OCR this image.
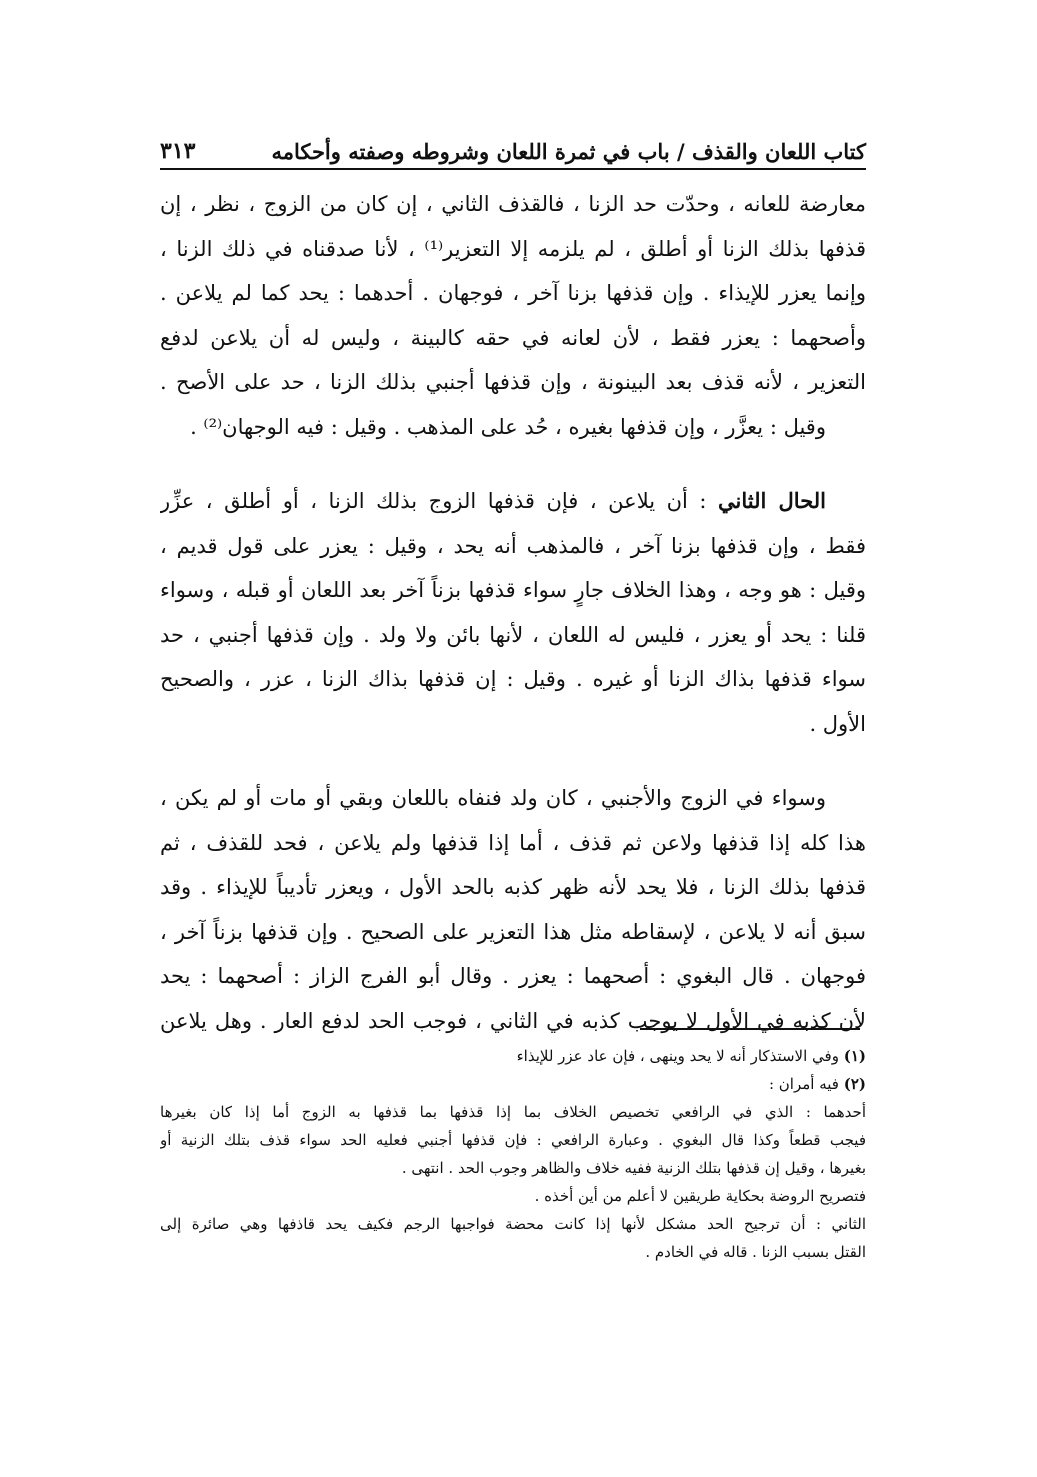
كتاب اللعان والقذف / باب في ثمرة اللعان وشروطه وصفته وأحكامه
٣١٣

معارضة للعانه ، وحدّت حد الزنا ، فالقذف الثاني ، إن كان من الزوج ، نظر ، إن
قذفها بذلك الزنا أو أطلق ، لم يلزمه إلا التعزير⁽¹⁾ ، لأنا صدقناه في ذلك الزنا ،
وإنما يعزر للإيذاء . وإن قذفها بزنا آخر ، فوجهان . أحدهما : يحد كما لم يلاعن .
وأصحهما : يعزر فقط ، لأن لعانه في حقه كالبينة ، وليس له أن يلاعن لدفع
التعزير ، لأنه قذف بعد البينونة ، وإن قذفها أجنبي بذلك الزنا ، حد على الأصح .
وقيل : يعزَّر ، وإن قذفها بغيره ، حُد على المذهب . وقيل : فيه الوجهان⁽²⁾ .

الحال الثاني : أن يلاعن ، فإن قذفها الزوج بذلك الزنا ، أو أطلق ، عزِّر
فقط ، وإن قذفها بزنا آخر ، فالمذهب أنه يحد ، وقيل : يعزر على قول قديم ،
وقيل : هو وجه ، وهذا الخلاف جارٍ سواء قذفها بزناً آخر بعد اللعان أو قبله ، وسواء
قلنا : يحد أو يعزر ، فليس له اللعان ، لأنها بائن ولا ولد . وإن قذفها أجنبي ، حد
سواء قذفها بذاك الزنا أو غيره . وقيل : إن قذفها بذاك الزنا ، عزر ، والصحيح
الأول .

وسواء في الزوج والأجنبي ، كان ولد فنفاه باللعان وبقي أو مات أو لم يكن ،
هذا كله إذا قذفها ولاعن ثم قذف ، أما إذا قذفها ولم يلاعن ، فحد للقذف ، ثم
قذفها بذلك الزنا ، فلا يحد لأنه ظهر كذبه بالحد الأول ، ويعزر تأديباً للإيذاء . وقد
سبق أنه لا يلاعن ، لإسقاطه مثل هذا التعزير على الصحيح . وإن قذفها بزناً آخر ،
فوجهان . قال البغوي : أصحهما : يعزر . وقال أبو الفرج الزاز : أصحهما : يحد
لأن كذبه في الأول لا يوجب كذبه في الثاني ، فوجب الحد لدفع العار . وهل يلاعن

(١) وفي الاستذكار أنه لا يحد وينهى ، فإن عاد عزر للإيذاء
(٢) فيه أمران :
أحدهما : الذي في الرافعي تخصيص الخلاف بما إذا قذفها بما قذفها به الزوج أما إذا كان بغيرها
فيجب قطعاً وكذا قال البغوي . وعبارة الرافعي : فإن قذفها أجنبي فعليه الحد سواء قذف بتلك الزنية أو
بغيرها ، وقيل إن قذفها بتلك الزنية ففيه خلاف والظاهر وجوب الحد . انتهى .
فتصريح الروضة بحكاية طريقين لا أعلم من أين أخذه .
الثاني : أن ترجيح الحد مشكل لأنها إذا كانت محضة فواجبها الرجم فكيف يحد قاذفها وهي صائرة إلى
القتل بسبب الزنا . قاله في الخادم .
